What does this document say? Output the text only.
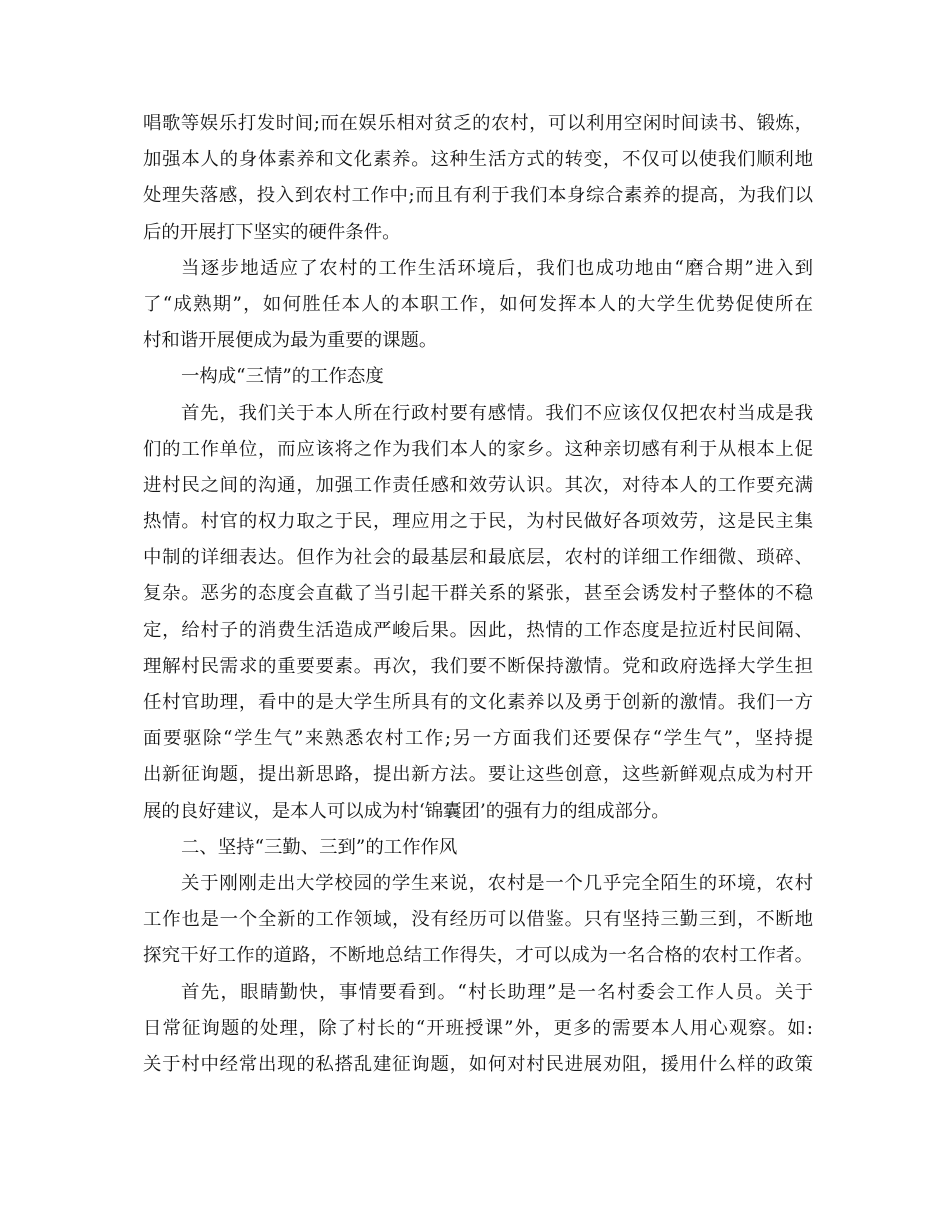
唱歌等娱乐打发时间;而在娱乐相对贫乏的农村，可以利用空闲时间读书、锻炼，
加强本人的身体素养和文化素养。这种生活方式的转变，不仅可以使我们顺利地
处理失落感，投入到农村工作中;而且有利于我们本身综合素养的提高，为我们以
后的开展打下坚实的硬件条件。
当逐步地适应了农村的工作生活环境后，我们也成功地由“磨合期”进入到
了“成熟期”，如何胜任本人的本职工作，如何发挥本人的大学生优势促使所在
村和谐开展便成为最为重要的课题。
一构成“三情”的工作态度
首先，我们关于本人所在行政村要有感情。我们不应该仅仅把农村当成是我
们的工作单位，而应该将之作为我们本人的家乡。这种亲切感有利于从根本上促
进村民之间的沟通，加强工作责任感和效劳认识。其次，对待本人的工作要充满
热情。村官的权力取之于民，理应用之于民，为村民做好各项效劳，这是民主集
中制的详细表达。但作为社会的最基层和最底层，农村的详细工作细微、琐碎、
复杂。恶劣的态度会直截了当引起干群关系的紧张，甚至会诱发村子整体的不稳
定，给村子的消费生活造成严峻后果。因此，热情的工作态度是拉近村民间隔、
理解村民需求的重要要素。再次，我们要不断保持激情。党和政府选择大学生担
任村官助理，看中的是大学生所具有的文化素养以及勇于创新的激情。我们一方
面要驱除“学生气”来熟悉农村工作;另一方面我们还要保存“学生气”，坚持提
出新征询题，提出新思路，提出新方法。要让这些创意，这些新鲜观点成为村开
展的良好建议，是本人可以成为村‘锦囊团’的强有力的组成部分。
二、坚持“三勤、三到”的工作作风
关于刚刚走出大学校园的学生来说，农村是一个几乎完全陌生的环境，农村
工作也是一个全新的工作领域，没有经历可以借鉴。只有坚持三勤三到，不断地
探究干好工作的道路，不断地总结工作得失，才可以成为一名合格的农村工作者。
首先，眼睛勤快，事情要看到。“村长助理”是一名村委会工作人员。关于
日常征询题的处理，除了村长的“开班授课”外，更多的需要本人用心观察。如:
关于村中经常出现的私搭乱建征询题，如何对村民进展劝阻，援用什么样的政策
